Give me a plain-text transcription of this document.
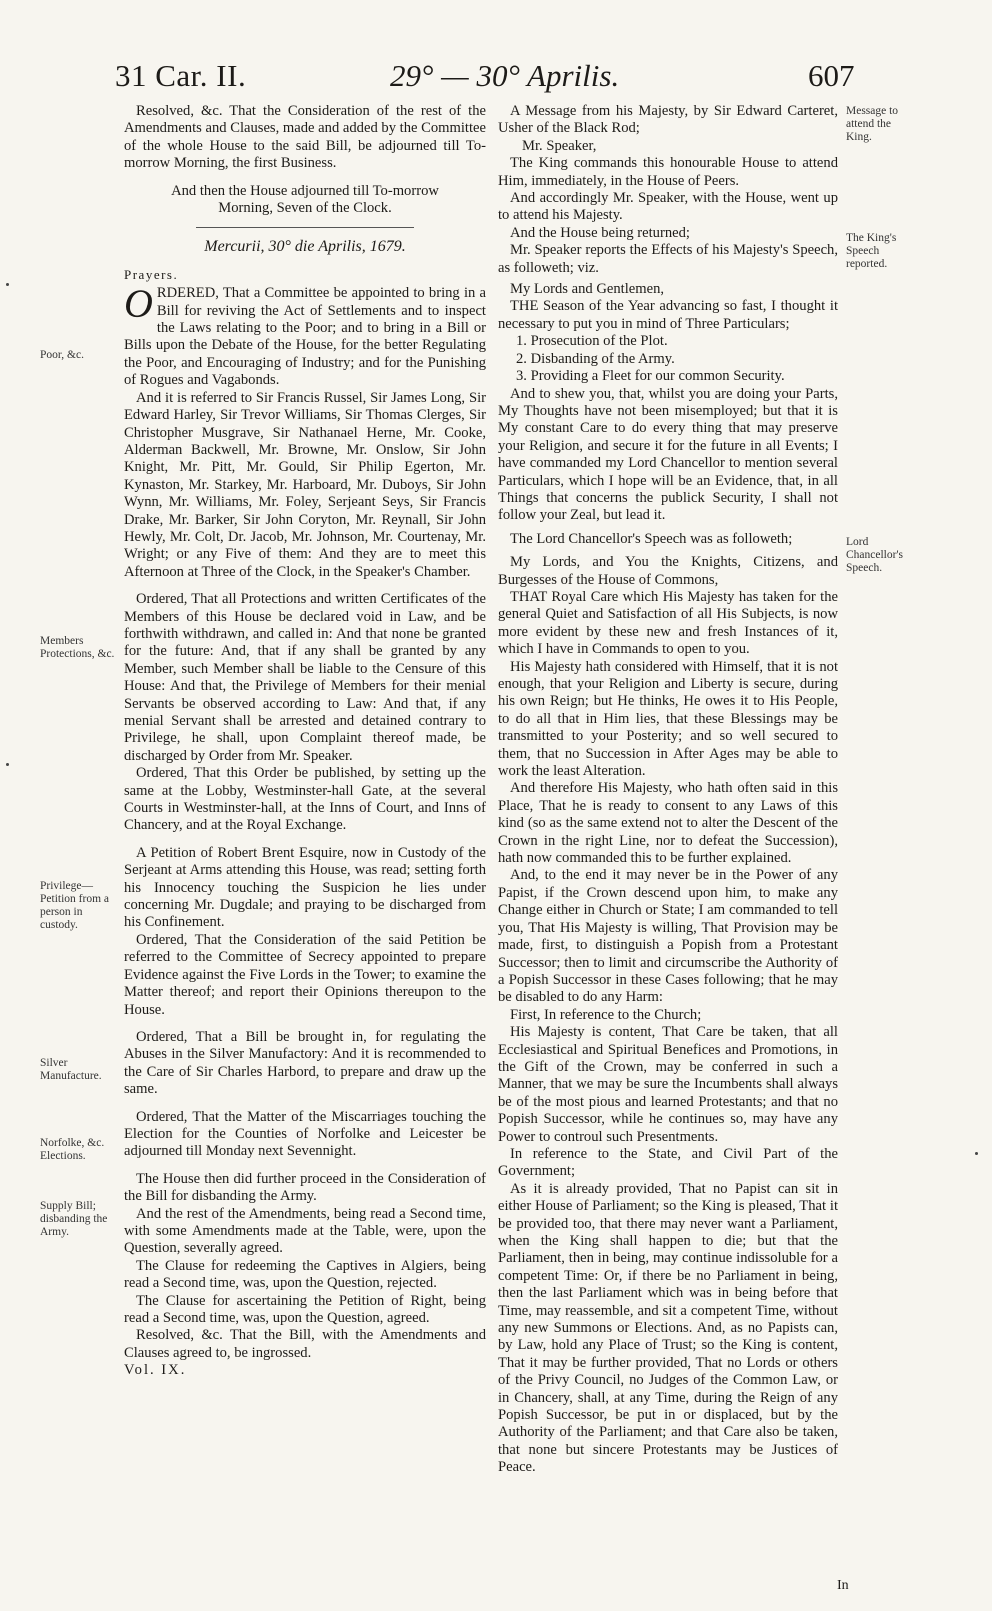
31 Car. II.	29° — 30° Aprilis.	607
Poor, &c.
Members Protections, &c.
Privilege— Petition from a person in custody.
Silver Manufacture.
Norfolke, &c. Elections.
Supply Bill; disbanding the Army.
Message to attend the King.
The King's Speech reported.
Lord Chancellor's Speech.

Resolved, &c. That the Consideration of the rest of the Amendments and Clauses, made and added by the Committee of the whole House to the said Bill, be adjourned till To-morrow Morning, the first Business.

And then the House adjourned till To-morrow Morning, Seven of the Clock.

Mercurii, 30° die Aprilis, 1679.
Prayers.

ORDERED, That a Committee be appointed to bring in a Bill for reviving the Act of Settlements and to inspect the Laws relating to the Poor; and to bring in a Bill or Bills upon the Debate of the House, for the better Regulating the Poor, and Encouraging of Industry; and for the Punishing of Rogues and Vagabonds.

And it is referred to Sir Francis Russel, Sir James Long, Sir Edward Harley, Sir Trevor Williams, Sir Thomas Clerges, Sir Christopher Musgrave, Sir Nathanael Herne, Mr. Cooke, Alderman Backwell, Mr. Browne, Mr. Onslow, Sir John Knight, Mr. Pitt, Mr. Gould, Sir Philip Egerton, Mr. Kynaston, Mr. Starkey, Mr. Harboard, Mr. Duboys, Sir John Wynn, Mr. Williams, Mr. Foley, Serjeant Seys, Sir Francis Drake, Mr. Barker, Sir John Coryton, Mr. Reynall, Sir John Hewly, Mr. Colt, Dr. Jacob, Mr. Johnson, Mr. Courtenay, Mr. Wright; or any Five of them: And they are to meet this Afternoon at Three of the Clock, in the Speaker's Chamber.

Ordered, That all Protections and written Certificates of the Members of this House be declared void in Law, and be forthwith withdrawn, and called in: And that none be granted for the future: And, that if any shall be granted by any Member, such Member shall be liable to the Censure of this House: And that, the Privilege of Members for their menial Servants be observed according to Law: And that, if any menial Servant shall be arrested and detained contrary to Privilege, he shall, upon Complaint thereof made, be discharged by Order from Mr. Speaker.

Ordered, That this Order be published, by setting up the same at the Lobby, Westminster-hall Gate, at the several Courts in Westminster-hall, at the Inns of Court, and Inns of Chancery, and at the Royal Exchange.

A Petition of Robert Brent Esquire, now in Custody of the Serjeant at Arms attending this House, was read; setting forth his Innocency touching the Suspicion he lies under concerning Mr. Dugdale; and praying to be discharged from his Confinement.

Ordered, That the Consideration of the said Petition be referred to the Committee of Secrecy appointed to prepare Evidence against the Five Lords in the Tower; to examine the Matter thereof; and report their Opinions thereupon to the House.

Ordered, That a Bill be brought in, for regulating the Abuses in the Silver Manufactory: And it is recommended to the Care of Sir Charles Harbord, to prepare and draw up the same.

Ordered, That the Matter of the Miscarriages touching the Election for the Counties of Norfolke and Leicester be adjourned till Monday next Sevennight.

The House then did further proceed in the Consideration of the Bill for disbanding the Army.

And the rest of the Amendments, being read a Second time, with some Amendments made at the Table, were, upon the Question, severally agreed.

The Clause for redeeming the Captives in Algiers, being read a Second time, was, upon the Question, rejected.

The Clause for ascertaining the Petition of Right, being read a Second time, was, upon the Question, agreed.

Resolved, &c. That the Bill, with the Amendments and Clauses agreed to, be ingrossed.

Vol. IX.

A Message from his Majesty, by Sir Edward Carteret, Usher of the Black Rod;

Mr. Speaker,

The King commands this honourable House to attend Him, immediately, in the House of Peers.

And accordingly Mr. Speaker, with the House, went up to attend his Majesty.

And the House being returned;

Mr. Speaker reports the Effects of his Majesty's Speech, as followeth; viz.

My Lords and Gentlemen,

THE Season of the Year advancing so fast, I thought it necessary to put you in mind of Three Particulars;

1. Prosecution of the Plot.

2. Disbanding of the Army.

3. Providing a Fleet for our common Security.

And to shew you, that, whilst you are doing your Parts, My Thoughts have not been misemployed; but that it is My constant Care to do every thing that may preserve your Religion, and secure it for the future in all Events; I have commanded my Lord Chancellor to mention several Particulars, which I hope will be an Evidence, that, in all Things that concerns the publick Security, I shall not follow your Zeal, but lead it.

The Lord Chancellor's Speech was as followeth;

My Lords, and You the Knights, Citizens, and Burgesses of the House of Commons,

THAT Royal Care which His Majesty has taken for the general Quiet and Satisfaction of all His Subjects, is now more evident by these new and fresh Instances of it, which I have in Commands to open to you.

His Majesty hath considered with Himself, that it is not enough, that your Religion and Liberty is secure, during his own Reign; but He thinks, He owes it to His People, to do all that in Him lies, that these Blessings may be transmitted to your Posterity; and so well secured to them, that no Succession in After Ages may be able to work the least Alteration.

And therefore His Majesty, who hath often said in this Place, That he is ready to consent to any Laws of this kind (so as the same extend not to alter the Descent of the Crown in the right Line, nor to defeat the Succession), hath now commanded this to be further explained.

And, to the end it may never be in the Power of any Papist, if the Crown descend upon him, to make any Change either in Church or State; I am commanded to tell you, That His Majesty is willing, That Provision may be made, first, to distinguish a Popish from a Protestant Successor; then to limit and circumscribe the Authority of a Popish Successor in these Cases following; that he may be disabled to do any Harm:

First, In reference to the Church;

His Majesty is content, That Care be taken, that all Ecclesiastical and Spiritual Benefices and Promotions, in the Gift of the Crown, may be conferred in such a Manner, that we may be sure the Incumbents shall always be of the most pious and learned Protestants; and that no Popish Successor, while he continues so, may have any Power to controul such Presentments.

In reference to the State, and Civil Part of the Government;

As it is already provided, That no Papist can sit in either House of Parliament; so the King is pleased, That it be provided too, that there may never want a Parliament, when the King shall happen to die; but that the Parliament, then in being, may continue indissoluble for a competent Time: Or, if there be no Parliament in being, then the last Parliament which was in being before that Time, may reassemble, and sit a competent Time, without any new Summons or Elections. And, as no Papists can, by Law, hold any Place of Trust; so the King is content, That it may be further provided, That no Lords or others of the Privy Council, no Judges of the Common Law, or in Chancery, shall, at any Time, during the Reign of any Popish Successor, be put in or displaced, but by the Authority of the Parliament; and that Care also be taken, that none but sincere Protestants may be Justices of Peace.

In
